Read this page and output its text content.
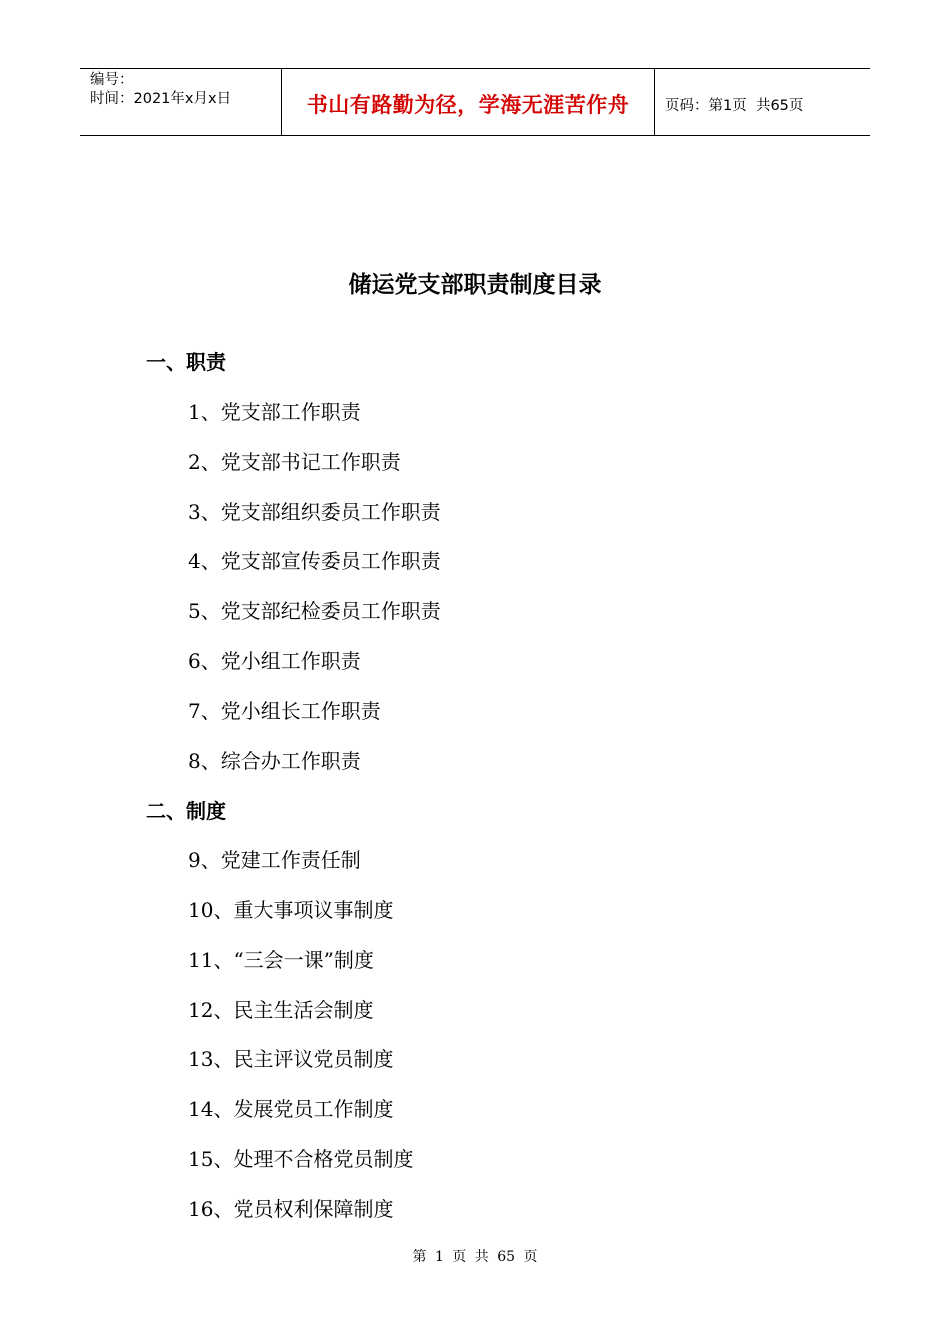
编号：
时间：2021年x月x日	书山有路勤为径，学海无涯苦作舟 页码：第1页  共65页
储运党支部职责制度目录
一、职责
1、党支部工作职责
2、党支部书记工作职责
3、党支部组织委员工作职责
4、党支部宣传委员工作职责
5、党支部纪检委员工作职责
6、党小组工作职责
7、党小组长工作职责
8、综合办工作职责
二、制度
9、党建工作责任制
10、重大事项议事制度
11、“三会一课”制度
12、民主生活会制度
13、民主评议党员制度
14、发展党员工作制度
15、处理不合格党员制度
16、党员权利保障制度
第 1 页 共 65 页
